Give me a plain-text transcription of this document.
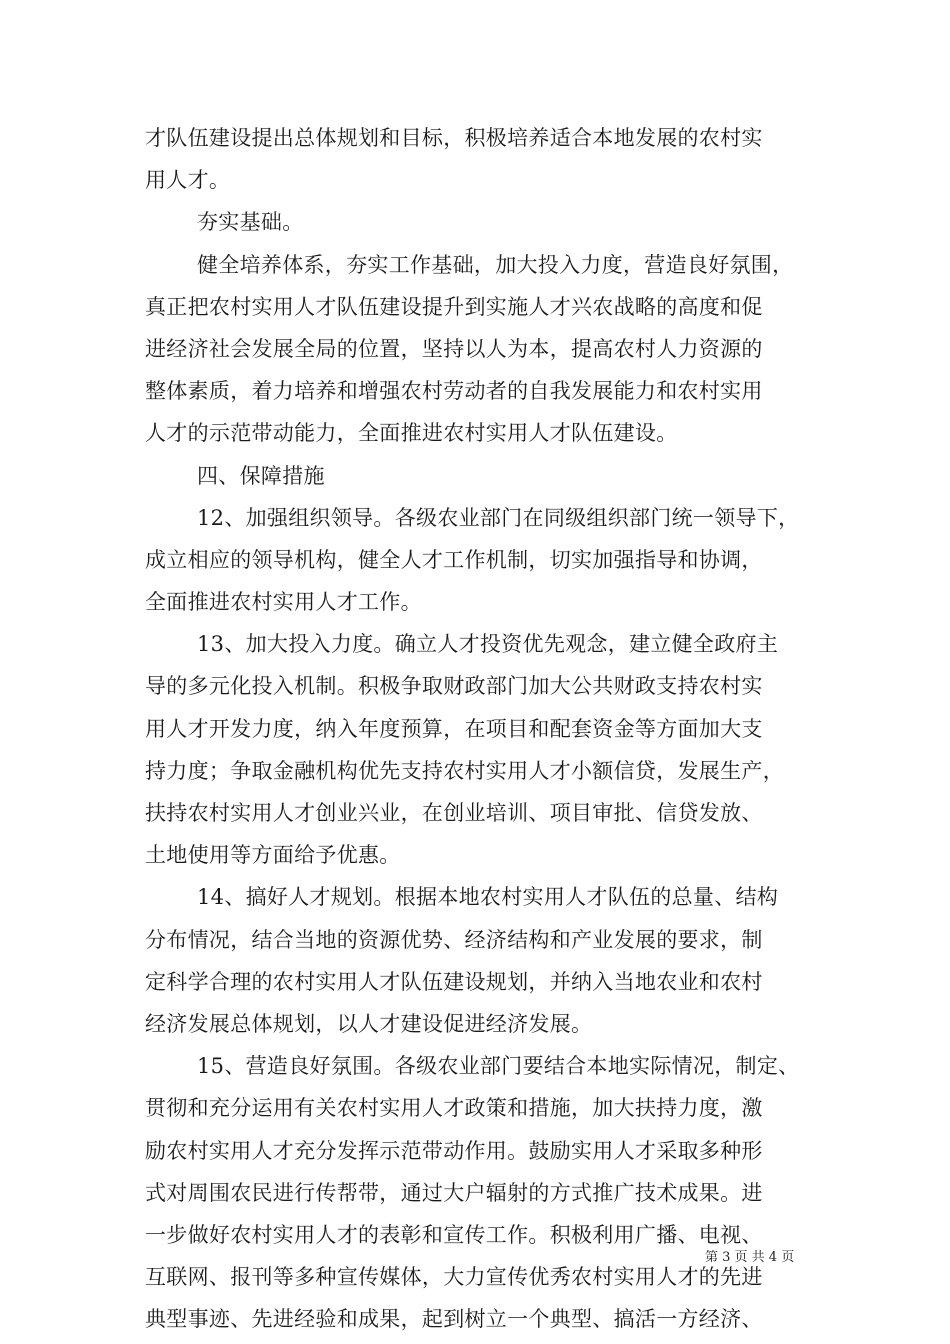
才队伍建设提出总体规划和目标，积极培养适合本地发展的农村实
用人才。
夯实基础。
健全培养体系，夯实工作基础，加大投入力度，营造良好氛围，
真正把农村实用人才队伍建设提升到实施人才兴农战略的高度和促
进经济社会发展全局的位置，坚持以人为本，提高农村人力资源的
整体素质，着力培养和增强农村劳动者的自我发展能力和农村实用
人才的示范带动能力，全面推进农村实用人才队伍建设。
四、保障措施
12、加强组织领导。各级农业部门在同级组织部门统一领导下，
成立相应的领导机构，健全人才工作机制，切实加强指导和协调，
全面推进农村实用人才工作。
13、加大投入力度。确立人才投资优先观念，建立健全政府主
导的多元化投入机制。积极争取财政部门加大公共财政支持农村实
用人才开发力度，纳入年度预算，在项目和配套资金等方面加大支
持力度；争取金融机构优先支持农村实用人才小额信贷，发展生产，
扶持农村实用人才创业兴业，在创业培训、项目审批、信贷发放、
土地使用等方面给予优惠。
14、搞好人才规划。根据本地农村实用人才队伍的总量、结构
分布情况，结合当地的资源优势、经济结构和产业发展的要求，制
定科学合理的农村实用人才队伍建设规划，并纳入当地农业和农村
经济发展总体规划，以人才建设促进经济发展。
15、营造良好氛围。各级农业部门要结合本地实际情况，制定、
贯彻和充分运用有关农村实用人才政策和措施，加大扶持力度，激
励农村实用人才充分发挥示范带动作用。鼓励实用人才采取多种形
式对周围农民进行传帮带，通过大户辐射的方式推广技术成果。进
一步做好农村实用人才的表彰和宣传工作。积极利用广播、电视、
互联网、报刊等多种宣传媒体，大力宣传优秀农村实用人才的先进
典型事迹、先进经验和成果，起到树立一个典型、搞活一方经济、
第 3 页 共 4 页
